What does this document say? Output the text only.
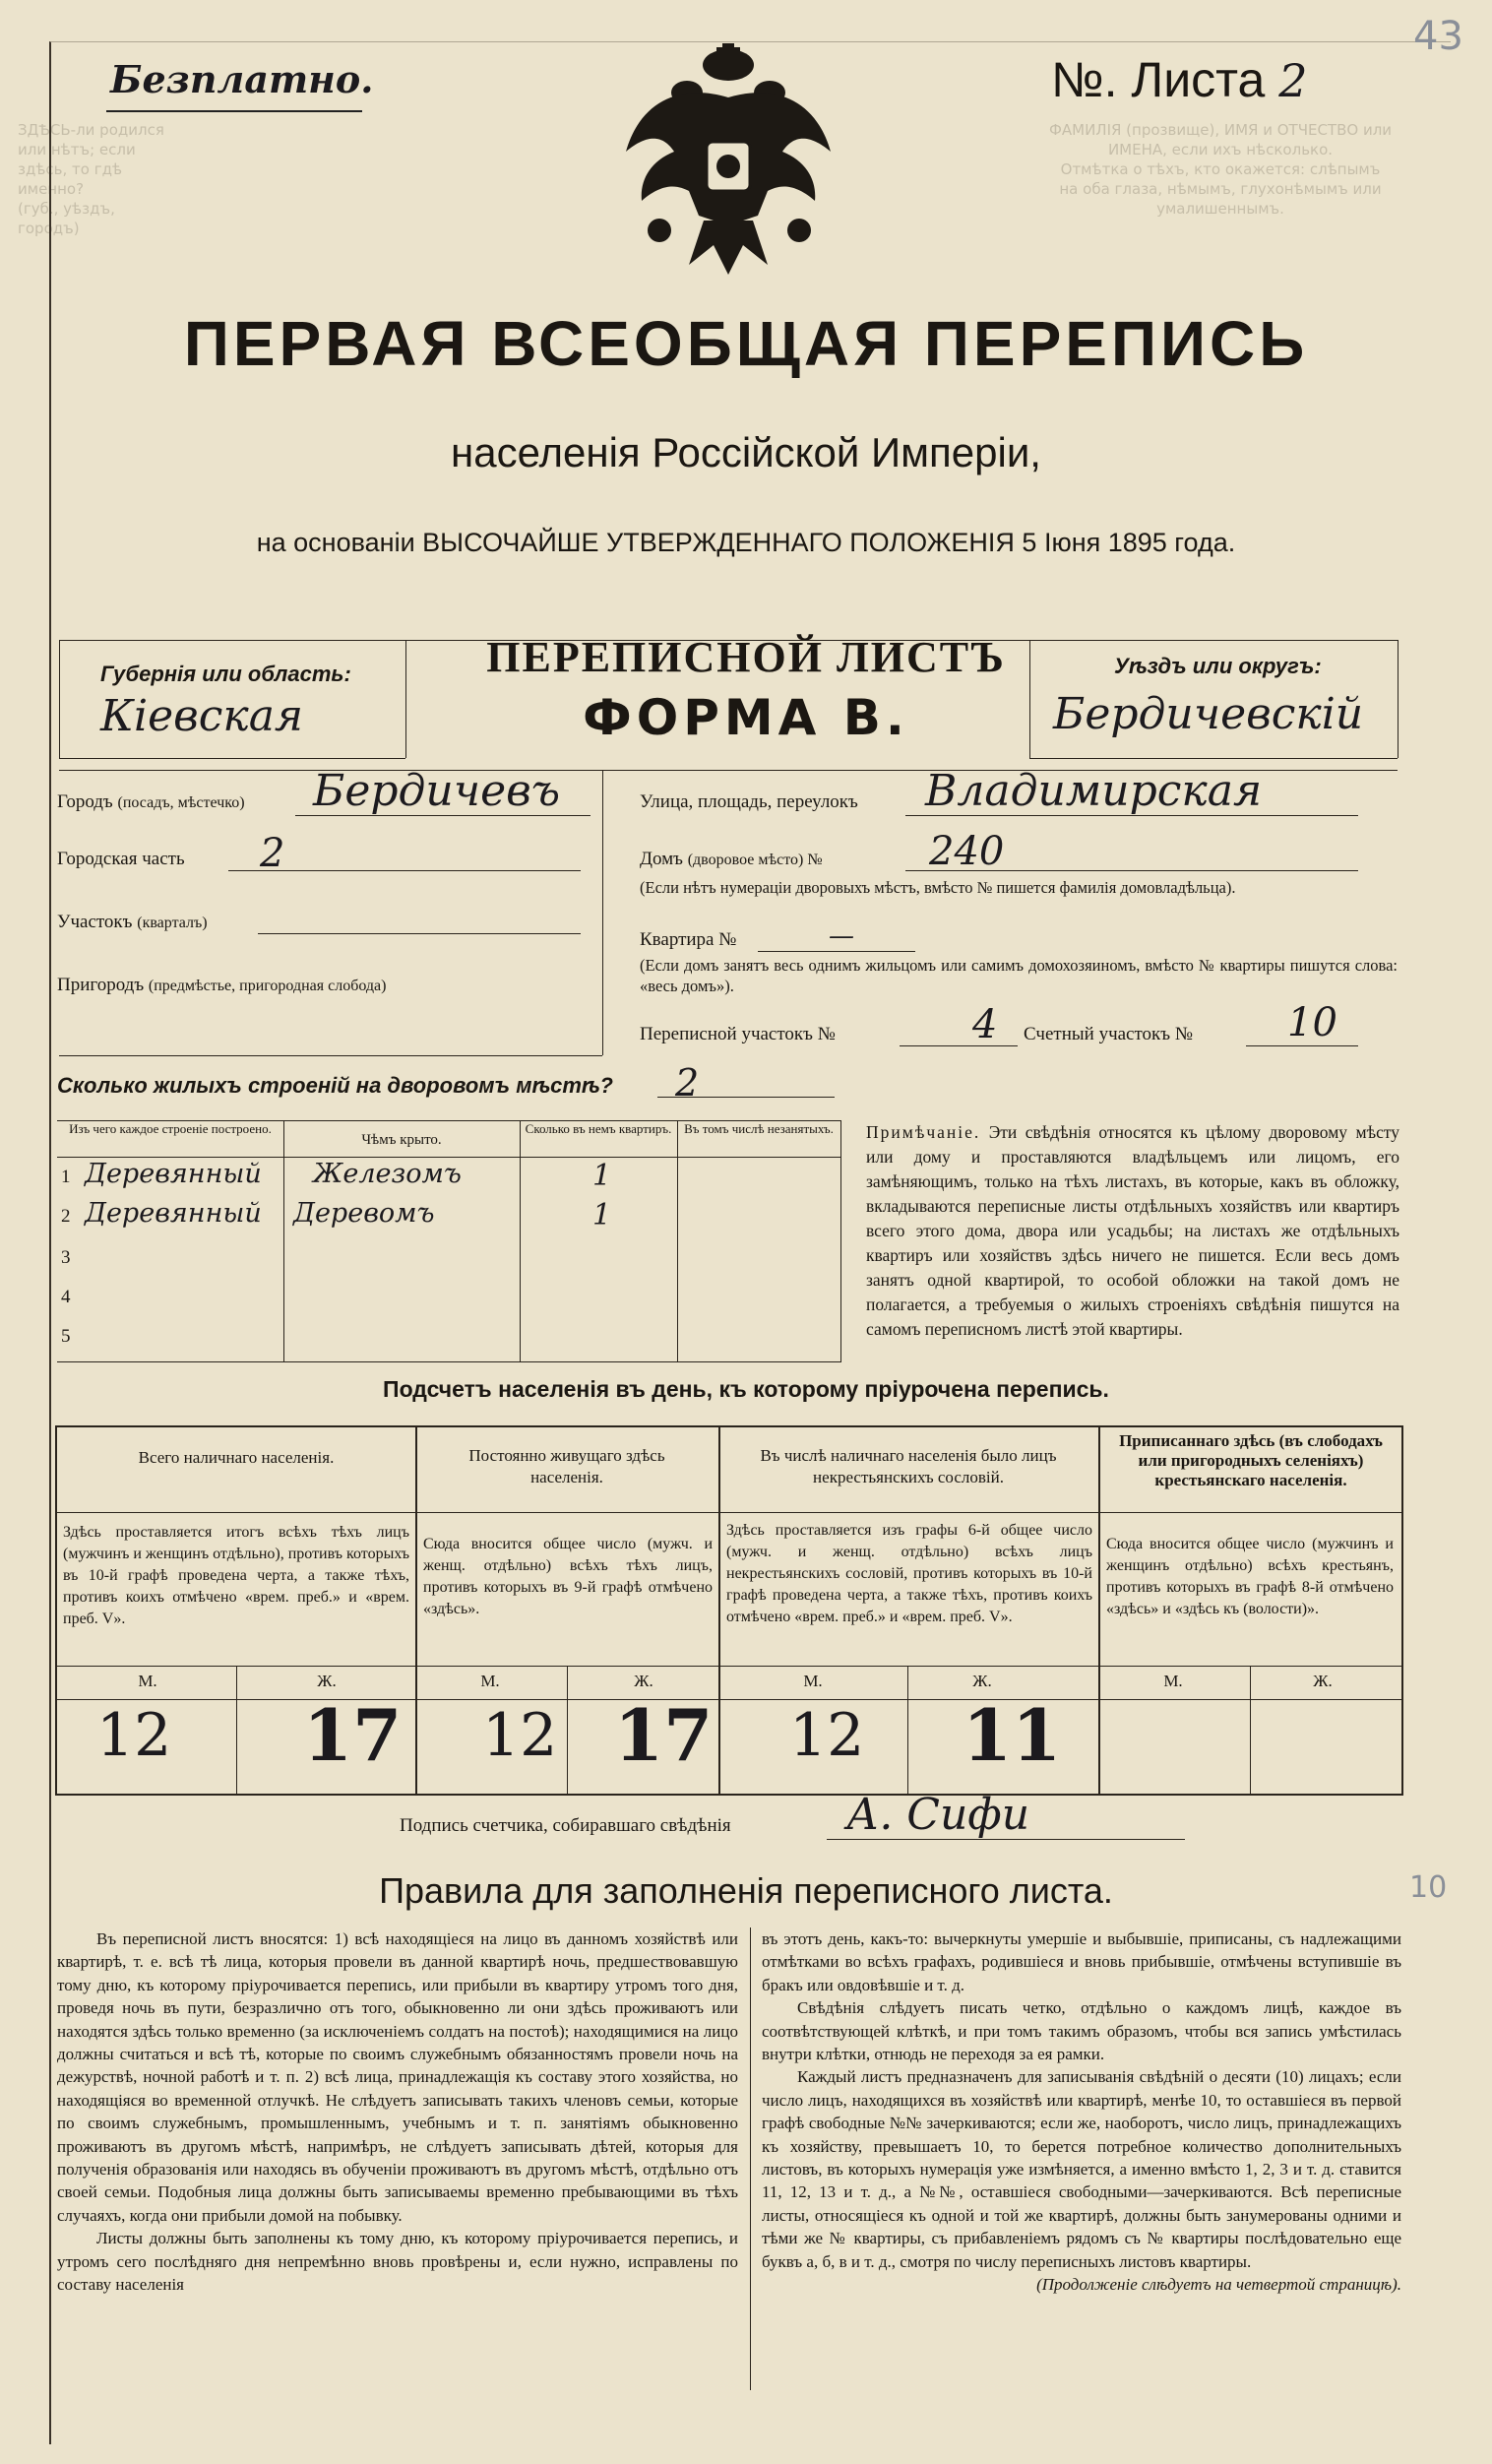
ЗДѢСЬ-ли родился
или нѣтъ; если
здѣсь, то гдѣ
именно?
(губ., уѣздъ,
городъ)
ФАМИЛІЯ (прозвище), ИМЯ и ОТЧЕСТВО или
ИМЕНА, если ихъ нѣсколько.
Отмѣтка о тѣхъ, кто окажется: слѣпымъ
на оба глаза, нѣмымъ, глухонѣмымъ или
умалишеннымъ.
Безплатно.	№. Листа 2
43
ПЕРВАЯ ВСЕОБЩАЯ ПЕРЕПИСЬ
населенія Россійской Имперіи,
на основаніи ВЫСОЧАЙШЕ УТВЕРЖДЕННАГО ПОЛОЖЕНІЯ 5 Іюня 1895 года.
Губернія или область:
Кіевская
ПЕРЕПИСНОЙ ЛИСТЪ
ФОРМА В.
Уѣздъ или округъ:
Бердичевскiй
Городъ (посадъ, мѣстечко) Бердичевъ
Городская часть 2
Участокъ (кварталъ)
Пригородъ (предмѣстье, пригородная слобода)
Улица, площадь, переулокъ Владимирская
Домъ (дворовое мѣсто) №	240
(Если нѣтъ нумераціи дворовыхъ мѣстъ, вмѣсто № пишется фамилія домовладѣльца).
Квартира №	—
(Если домъ занятъ весь однимъ жильцомъ или самимъ домохозяиномъ, вмѣсто № квартиры пишутся слова: «весь домъ»).
Переписной участокъ №	4 Счетный участокъ № 10
Сколько жилыхъ строеній на дворовомъ мѣстѣ? 2
Изъ чего каждое строеніе построено.
Чѣмъ крыто.
Сколько въ немъ квартиръ. Въ томъ числѣ незанятыхъ.
1 Деревянный Железомъ	1
2 Деревянный Деревомъ	1
3
4
5
Примѣчаніе. Эти свѣдѣнія относятся къ цѣлому дворовому мѣсту или дому и проставляются владѣльцемъ или лицомъ, его замѣняющимъ, только на тѣхъ листахъ, въ которые, какъ въ обложку, вкладываются переписные листы отдѣльныхъ хозяйствъ или квартиръ всего этого дома, двора или усадьбы; на листахъ же отдѣльныхъ квартиръ или хозяйствъ здѣсь ничего не пишется. Если весь домъ занятъ одной квартирой, то особой обложки на такой домъ не полагается, а требуемыя о жилыхъ строеніяхъ свѣдѣнія пишутся на самомъ переписномъ листѣ этой квартиры.
Подсчетъ населенія въ день, къ которому пріурочена перепись.
Всего наличнаго населенія.	Постоянно живущаго здѣсь населенія.
Въ числѣ наличнаго населенія было лицъ некрестьянскихъ сословій.
Приписаннаго здѣсь (въ слободахъ или пригородныхъ селеніяхъ) крестьянскаго населенія.
Здѣсь проставляется итогъ всѣхъ тѣхъ лицъ (мужчинъ и женщинъ отдѣльно), противъ которыхъ въ 10-й графѣ проведена черта, а также тѣхъ, противъ коихъ отмѣчено «врем. преб.» и «врем. преб. V».
Сюда вносится общее число (мужч. и женщ. отдѣльно) всѣхъ тѣхъ лицъ, противъ которыхъ въ 9-й графѣ отмѣчено «здѣсь».
Здѣсь проставляется изъ графы 6-й общее число (мужч. и женщ. отдѣльно) всѣхъ лицъ некрестьянскихъ сословій, противъ которыхъ въ 10-й графѣ проведена черта, а также тѣхъ, противъ коихъ отмѣчено «врем. преб.» и «врем. преб. V».
Сюда вносится общее число (мужчинъ и женщинъ отдѣльно) всѣхъ крестьянъ, противъ которыхъ въ графѣ 8-й отмѣчено «здѣсь» и «здѣсь къ (волости)».
М.	Ж.	М.	Ж.	М.	Ж.	М.	Ж.
12 17 12 17 12 11
Подпись счетчика, собиравшаго свѣдѣнія	А. Сифи
Правила для заполненія переписного листа.	10
Въ переписной листъ вносятся: 1) всѣ находящіеся на лицо въ данномъ хозяйствѣ или квартирѣ, т. е. всѣ тѣ лица, которыя провели въ данной квартирѣ ночь, предшествовавшую тому дню, къ которому пріурочивается перепись, или прибыли въ квартиру утромъ того дня, проведя ночь въ пути, безразлично отъ того, обыкновенно ли они здѣсь проживаютъ или находятся здѣсь только временно (за исключеніемъ солдатъ на постоѣ); находящимися на лицо должны считаться и всѣ тѣ, которые по своимъ служебнымъ обязанностямъ провели ночь на дежурствѣ, ночной работѣ и т. п. 2) всѣ лица, принадлежащія къ составу этого хозяйства, но находящіяся во временной отлучкѣ. Не слѣдуетъ записывать такихъ членовъ семьи, которые по своимъ служебнымъ, промышленнымъ, учебнымъ и т. п. занятіямъ обыкновенно проживаютъ въ другомъ мѣстѣ, напримѣръ, не слѣдуетъ записывать дѣтей, которыя для полученія образованія или находясь въ обученіи проживаютъ въ другомъ мѣстѣ, отдѣльно отъ своей семьи. Подобныя лица должны быть записываемы временно пребывающими въ тѣхъ случаяхъ, когда они прибыли домой на побывку.
Листы должны быть заполнены къ тому дню, къ которому пріурочивается перепись, и утромъ сего послѣдняго дня непремѣнно вновь провѣрены и, если нужно, исправлены по составу населенія
въ этотъ день, какъ-то: вычеркнуты умершіе и выбывшіе, приписаны, съ надлежащими отмѣтками во всѣхъ графахъ, родившіеся и вновь прибывшіе, отмѣчены вступившіе въ бракъ или овдовѣвшіе и т. д.
Свѣдѣнія слѣдуетъ писать четко, отдѣльно о каждомъ лицѣ, каждое въ соотвѣтствующей клѣткѣ, и при томъ такимъ образомъ, чтобы вся запись умѣстилась внутри клѣтки, отнюдь не переходя за ея рамки.
Каждый листъ предназначенъ для записыванія свѣдѣній о десяти (10) лицахъ; если число лицъ, находящихся въ хозяйствѣ или квартирѣ, менѣе 10, то оставшіеся въ первой графѣ свободные №№ зачеркиваются; если же, наоборотъ, число лицъ, принадлежащихъ къ хозяйству, превышаетъ 10, то берется потребное количество дополнительныхъ листовъ, въ которыхъ нумерація уже измѣняется, а именно вмѣсто 1, 2, 3 и т. д. ставится 11, 12, 13 и т. д., а №№, оставшіеся свободными—зачеркиваются. Всѣ переписные листы, относящіеся къ одной и той же квартирѣ, должны быть занумерованы одними и тѣми же № квартиры, съ прибавленіемъ рядомъ съ № квартиры послѣдовательно еще буквъ а, б, в и т. д., смотря по числу переписныхъ листовъ квартиры.
(Продолженіе слѣдуетъ на четвертой страницѣ).
